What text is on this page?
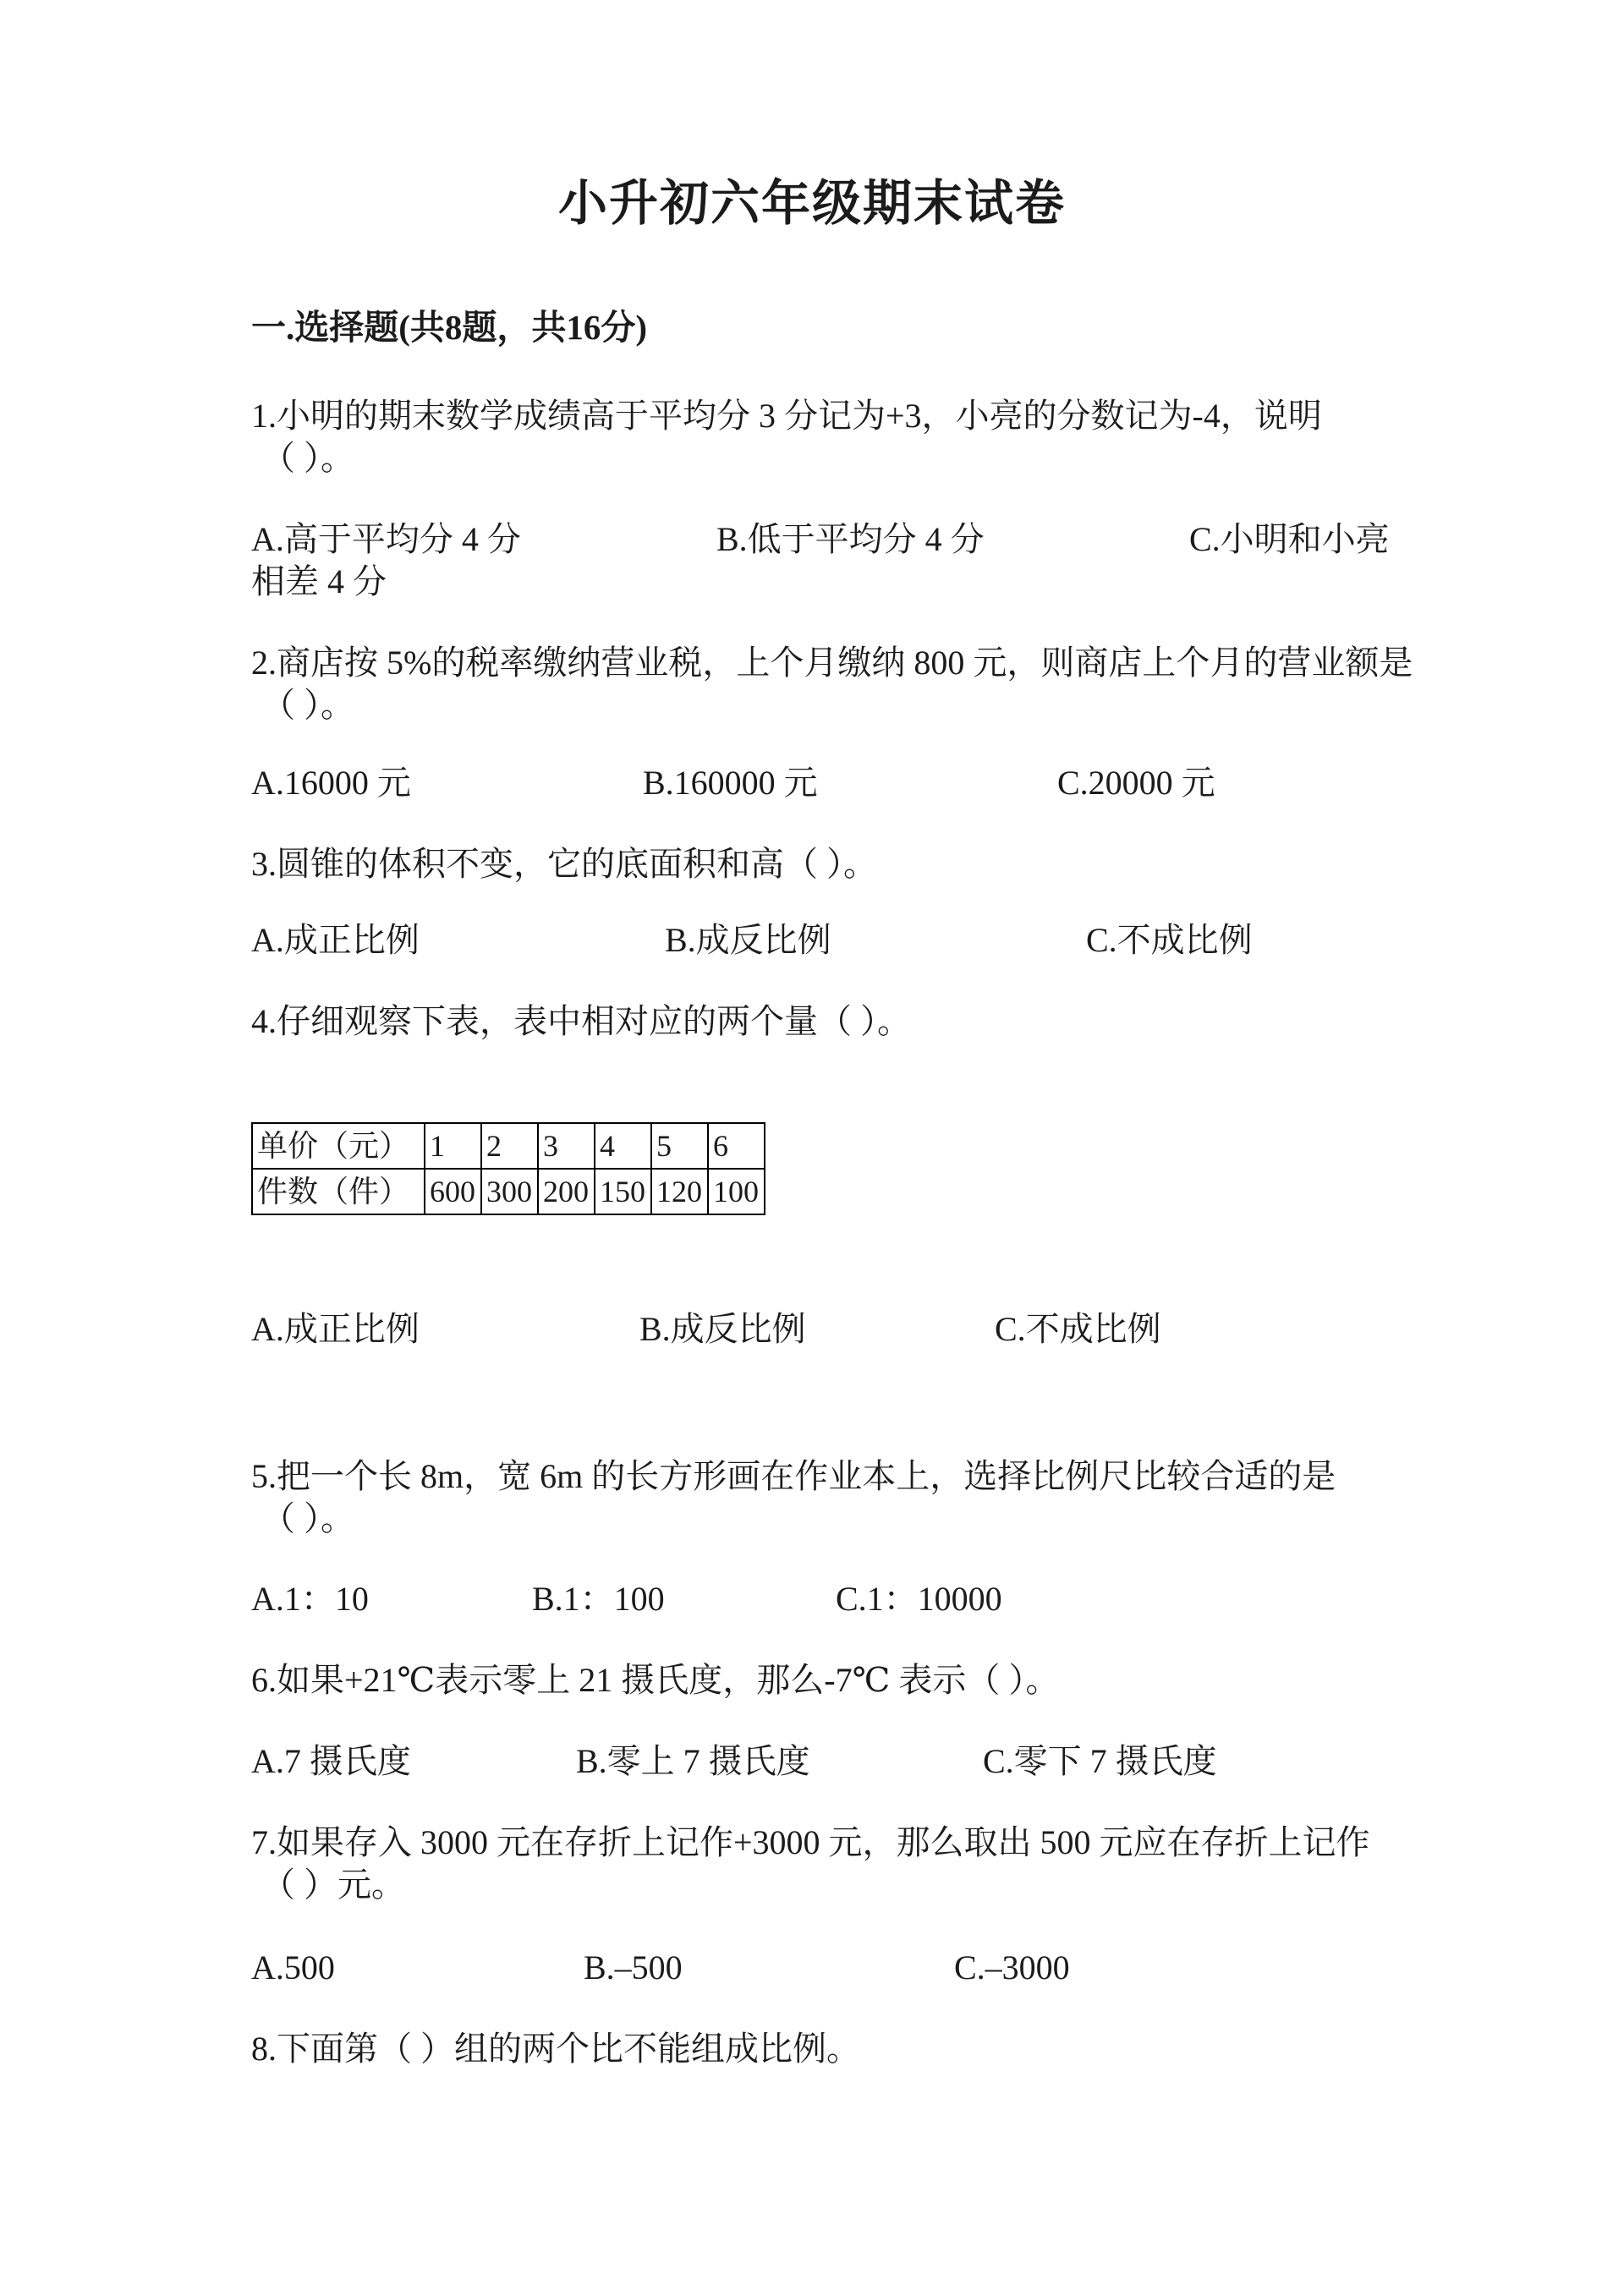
小升初六年级期末试卷
一.选择题(共8题，共16分)
1.小明的期末数学成绩高于平均分 3 分记为+3，小亮的分数记为-4，说明
（ ）。
A.高于平均分 4 分	B.低于平均分 4 分	C.小明和小亮
相差 4 分
2.商店按 5%的税率缴纳营业税，上个月缴纳 800 元，则商店上个月的营业额是
（ ）。
A.16000 元	B.160000 元	C.20000 元
3.圆锥的体积不变，它的底面积和高（ ）。
A.成正比例	B.成反比例	C.不成比例
4.仔细观察下表，表中相对应的两个量（ ）。
单价（元）	1	2	3	4	5	6
件数（件）	600	300	200	150	120	100
A.成正比例	B.成反比例	C.不成比例
5.把一个长 8m，宽 6m 的长方形画在作业本上，选择比例尺比较合适的是
（ ）。
A.1：10	B.1：100	C.1：10000
6.如果+21℃表示零上 21 摄氏度，那么-7℃ 表示（ ）。
A.7 摄氏度	B.零上 7 摄氏度	C.零下 7 摄氏度
7.如果存入 3000 元在存折上记作+3000 元，那么取出 500 元应在存折上记作
（ ）元。
A.500	B.–500	C.–3000
8.下面第（ ）组的两个比不能组成比例。
